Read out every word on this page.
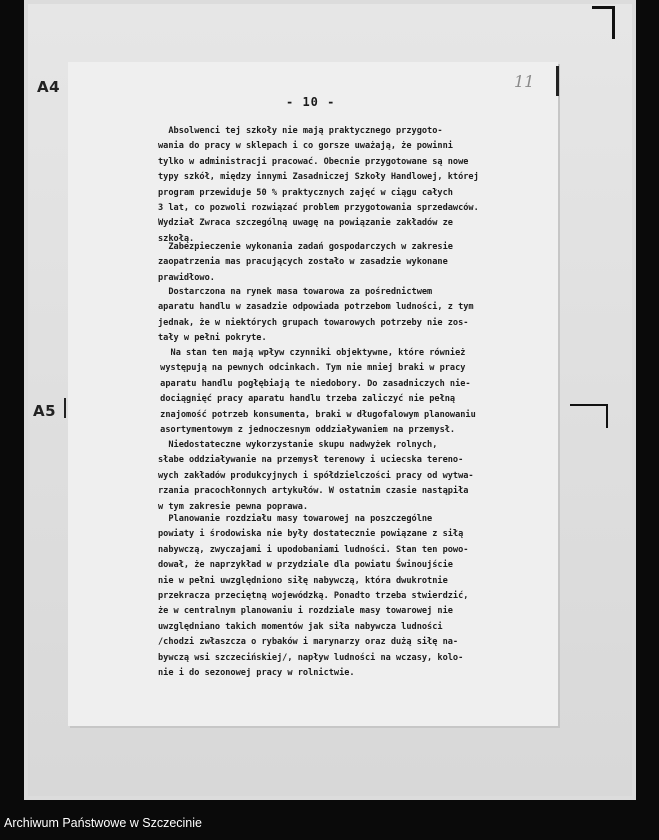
A4
A5
11
- 10 -
Absolwenci tej szkoły nie mają praktycznego przygoto-
wania do pracy w sklepach i co gorsze uważają, że powinni
tylko w administracji pracować. Obecnie przygotowane są nowe
typy szkół, między innymi Zasadniczej Szkoły Handlowej, której
program przewiduje 50 % praktycznych zajęć w ciągu całych
3 lat, co pozwoli rozwiązać problem przygotowania sprzedawców.
Wydział Zwraca szczególną uwagę na powiązanie zakładów ze
szkołą.
Zabezpieczenie wykonania zadań gospodarczych w zakresie
zaopatrzenia mas pracujących zostało w zasadzie wykonane
prawidłowo.
Dostarczona na rynek masa towarowa za pośrednictwem
aparatu handlu w zasadzie odpowiada potrzebom ludności, z tym
jednak, że w niektórych grupach towarowych potrzeby nie zos-
tały w pełni pokryte.
Na stan ten mają wpływ czynniki objektywne, które również
występują na pewnych odcinkach. Tym nie mniej braki w pracy
aparatu handlu pogłębiają te niedobory. Do zasadniczych nie-
dociągnięć pracy aparatu handlu trzeba zaliczyć nie pełną
znajomość potrzeb konsumenta, braki w długofalowym planowaniu
asortymentowym z jednoczesnym oddziaływaniem na przemysł.
Niedostateczne wykorzystanie skupu nadwyżek rolnych,
słabe oddziaływanie na przemysł terenowy i uciecska tereno-
wych zakładów produkcyjnych i spółdzielczości pracy od wytwa-
rzania pracochłonnych artykułów. W ostatnim czasie nastąpiła
w tym zakresie pewna poprawa.
Planowanie rozdziału masy towarowej na poszczególne
powiaty i środowiska nie były dostatecznie powiązane z siłą
nabywczą, zwyczajami i upodobaniami ludności. Stan ten powo-
dował, że naprzykład w przydziale dla powiatu Świnoujście
nie w pełni uwzględniono siłę nabywczą, która dwukrotnie
przekracza przeciętną wojewódzką. Ponadto trzeba stwierdzić,
że w centralnym planowaniu i rozdziale masy towarowej nie
uwzględniano takich momentów jak siła nabywcza ludności
/chodzi zwłaszcza o rybaków i marynarzy oraz dużą siłę na-
bywczą wsi szczecińskiej/, napływ ludności na wczasy, kolo-
nie i do sezonowej pracy w rolnictwie.
Archiwum Państwowe w Szczecinie
